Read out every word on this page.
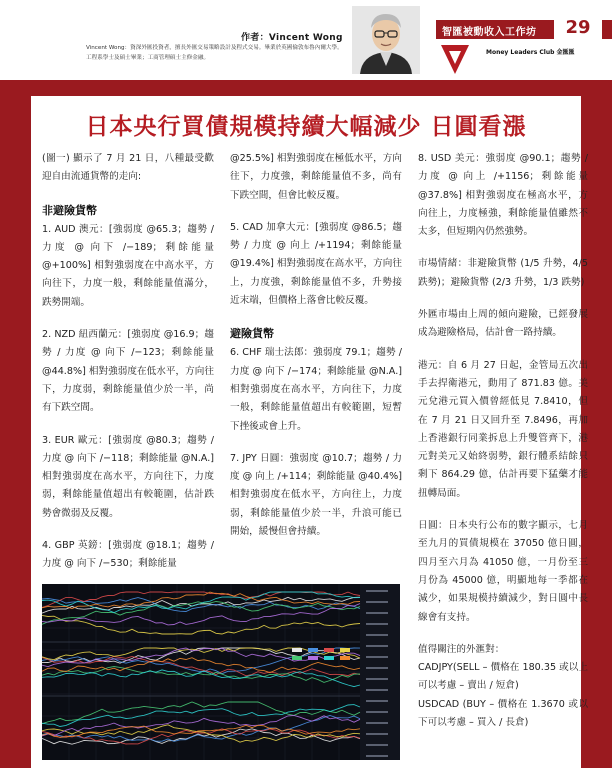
作者：Vincent Wong
Vincent Wong：資深外匯投資者，擅長外匯交易策略設計及程式交易。畢業於英國倫敦布魯內爾大學。工程系學士及碩士畢業；工商管理碩士主修金融。
智匯被動收入工作坊	29
Money Leaders Club 金匯匯
日本央行買債規模持續大幅減少 日圓看漲

(圖一) 顯示了 7 月 21 日，八種最受歡迎自由流通貨幣的走向:

非避險貨幣

1. AUD 澳元：[強弱度 @65.3；趨勢 / 力度 @ 向下 /−189；剩餘能量 @+100%] 相對強弱度在中高水平，方向往下，力度一般，剩餘能量值滿分，跌勢開端。

2. NZD 紐西蘭元：[強弱度 @16.9；趨勢 / 力度 @ 向下 /−123；剩餘能量 @44.8%] 相對強弱度在低水平，方向往下，力度弱，剩餘能量值少於一半，尚有下跌空間。

3. EUR 歐元：[強弱度 @80.3；趨勢 / 力度 @ 向下 /−118；剩餘能量 @N.A.] 相對強弱度在高水平，方向往下，力度弱，剩餘能量值超出有較範圍，估計跌勢會微弱及反覆。

4. GBP 英鎊：[強弱度 @18.1；趨勢 / 力度 @ 向下 /−530；剩餘能量

@25.5%] 相對強弱度在極低水平，方向往下，力度強，剩餘能量值不多，尚有下跌空間，但會比較反覆。

5. CAD 加拿大元：[強弱度 @86.5；趨勢 / 力度 @ 向上 /+1194；剩餘能量 @19.4%] 相對強弱度在高水平，方向往上，力度強，剩餘能量值不多，升勢接近末端，但價格上落會比較反覆。

避險貨幣

6. CHF 瑞士法郎：強弱度 79.1；趨勢 / 力度 @ 向下 /−174；剩餘能量 @N.A.] 相對強弱度在高水平，方向往下，力度一般，剩餘能量值超出有較範圍，短暫下挫後或會上升。

7. JPY 日圓：強弱度 @10.7；趨勢 / 力度 @ 向上 /+114；剩餘能量 @40.4%] 相對強弱度在低水平，方向往上，力度弱，剩餘能量值少於一半，升浪可能已開始，緩慢但會持續。

8. USD 美元：強弱度 @90.1；趨勢 / 力度 @ 向上 /+1156；剩餘能量 @37.8%] 相對強弱度在極高水平，方向往上，力度極強，剩餘能量值雖然不太多，但短期內仍然強勢。

市場情緒：非避險貨幣 (1/5 升勢，4/5 跌勢)；避險貨幣 (2/3 升勢，1/3 跌勢)

外匯市場由上周的傾向避險，已經發展成為避險格局，估計會一路持續。

港元：自 6 月 27 日起，金管局五次出手去捍衛港元，動用了 871.83 億。美元兌港元買入價曾經低見 7.8410，但在 7 月 21 日又回升至 7.8496，再加上香港銀行同業拆息上升雙管齊下，港元對美元又始終弱勢，銀行體系結餘只剩下 864.29 億，估計再要下猛藥才能扭轉局面。

日圓：日本央行公布的數字顯示，七月至九月的買債規模在 37050 億日圓，四月至六月為 41050 億，一月份至三月份為 45000 億，明顯地每一季都在減少，如果規模持續減少，對日圓中長線會有支持。

值得關注的外滙對：

CADJPY(SELL – 價格在 180.35 或以上可以考慮 – 賣出 / 短倉)

USDCAD (BUY – 價格在 1.3670 或以下可以考慮 – 買入 / 長倉)
